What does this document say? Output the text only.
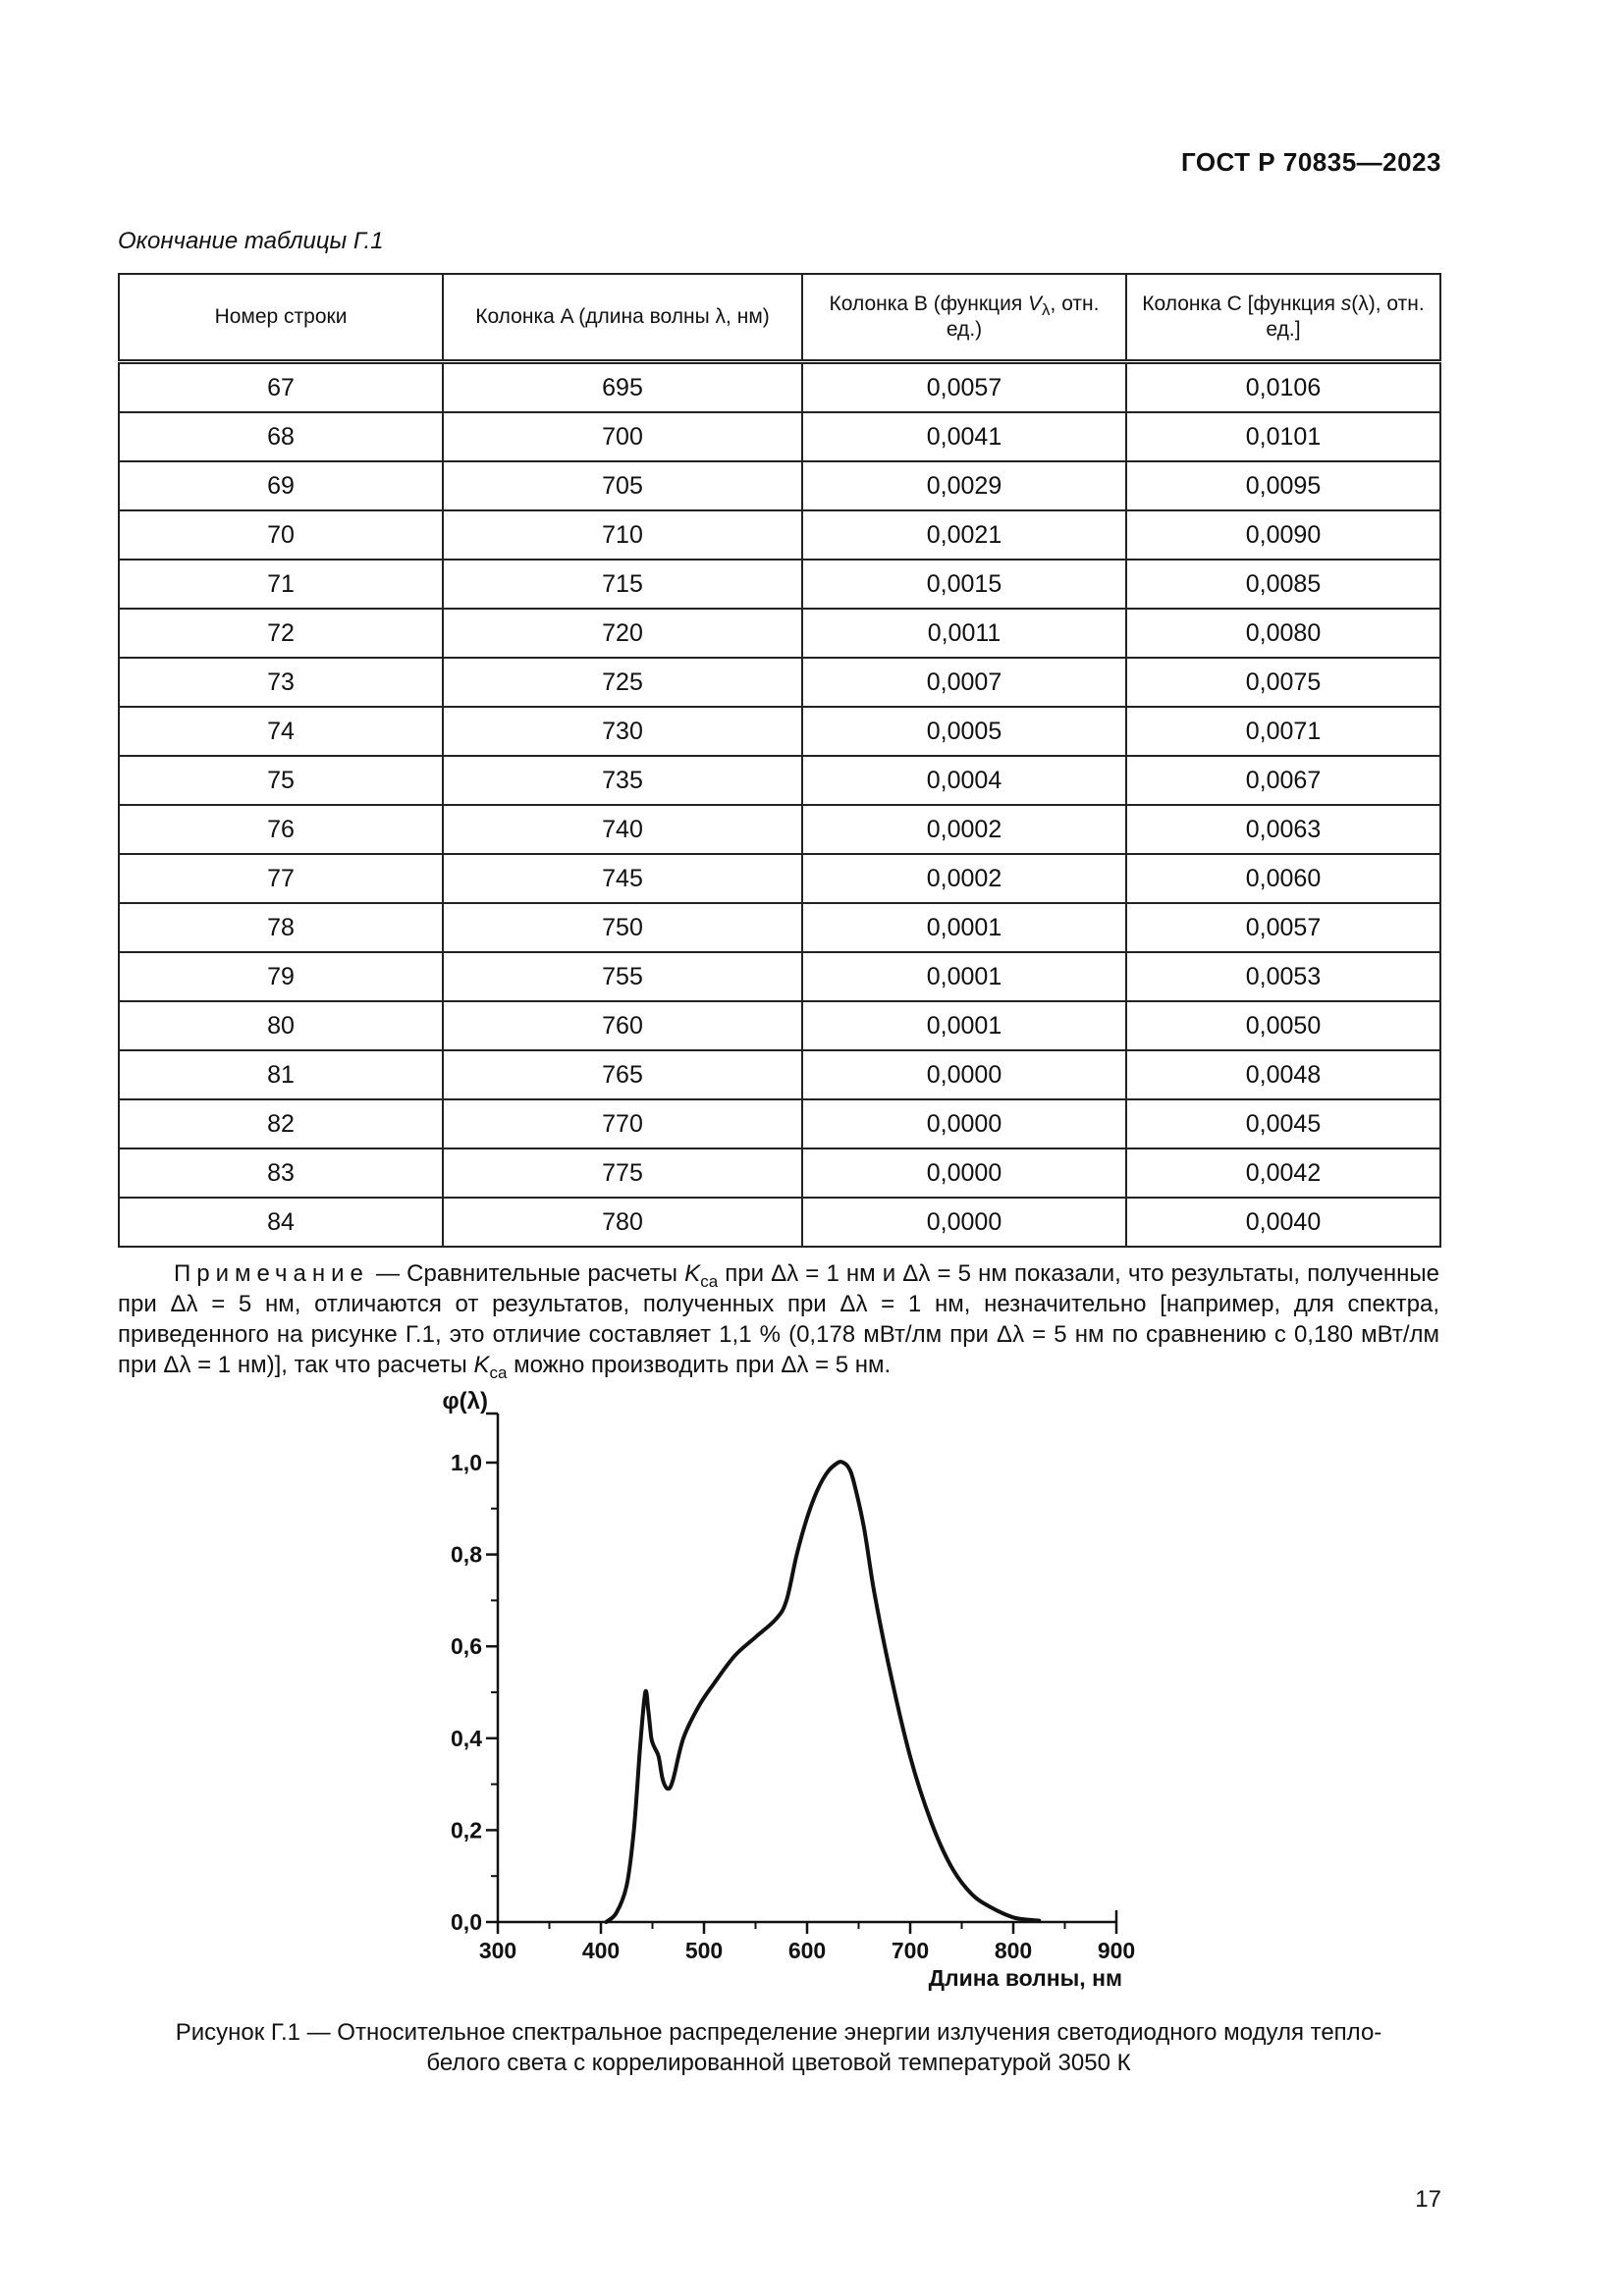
ГОСТ Р 70835—2023

Окончание таблицы Г.1

Номер строки	Колонка A (длина волны λ, нм)	Колонка B (функция $V_\lambda$, отн. ед.)	Колонка C [функция s(λ), отн. ед.]
67	695	0,0057	0,0106
68	700	0,0041	0,0101
69	705	0,0029	0,0095
70	710	0,0021	0,0090
71	715	0,0015	0,0085
72	720	0,0011	0,0080
73	725	0,0007	0,0075
74	730	0,0005	0,0071
75	735	0,0004	0,0067
76	740	0,0002	0,0063
77	745	0,0002	0,0060
78	750	0,0001	0,0057
79	755	0,0001	0,0053
80	760	0,0001	0,0050
81	765	0,0000	0,0048
82	770	0,0000	0,0045
83	775	0,0000	0,0042
84	780	0,0000	0,0040

Примечание — Сравнительные расчеты $K_{ca}$ при Δλ = 1 нм и Δλ = 5 нм показали, что результаты, полученные при Δλ = 5 нм, отличаются от результатов, полученных при Δλ = 1 нм, незначительно [например, для спектра, приведенного на рисунке Г.1, это отличие составляет 1,1 % (0,178 мВт/лм при Δλ = 5 нм по сравнению с 0,180 мВт/лм при Δλ = 1 нм)], так что расчеты $K_{ca}$ можно производить при Δλ = 5 нм.

0,0
0,2
0,4
0,6
0,8
1,0
300	400	500	600	700	800	900
φ(λ)
Длина волны, нм

Рисунок Г.1 — Относительное спектральное распределение энергии излучения светодиодного модуля тепло-
белого света с коррелированной цветовой температурой 3050 К

17
